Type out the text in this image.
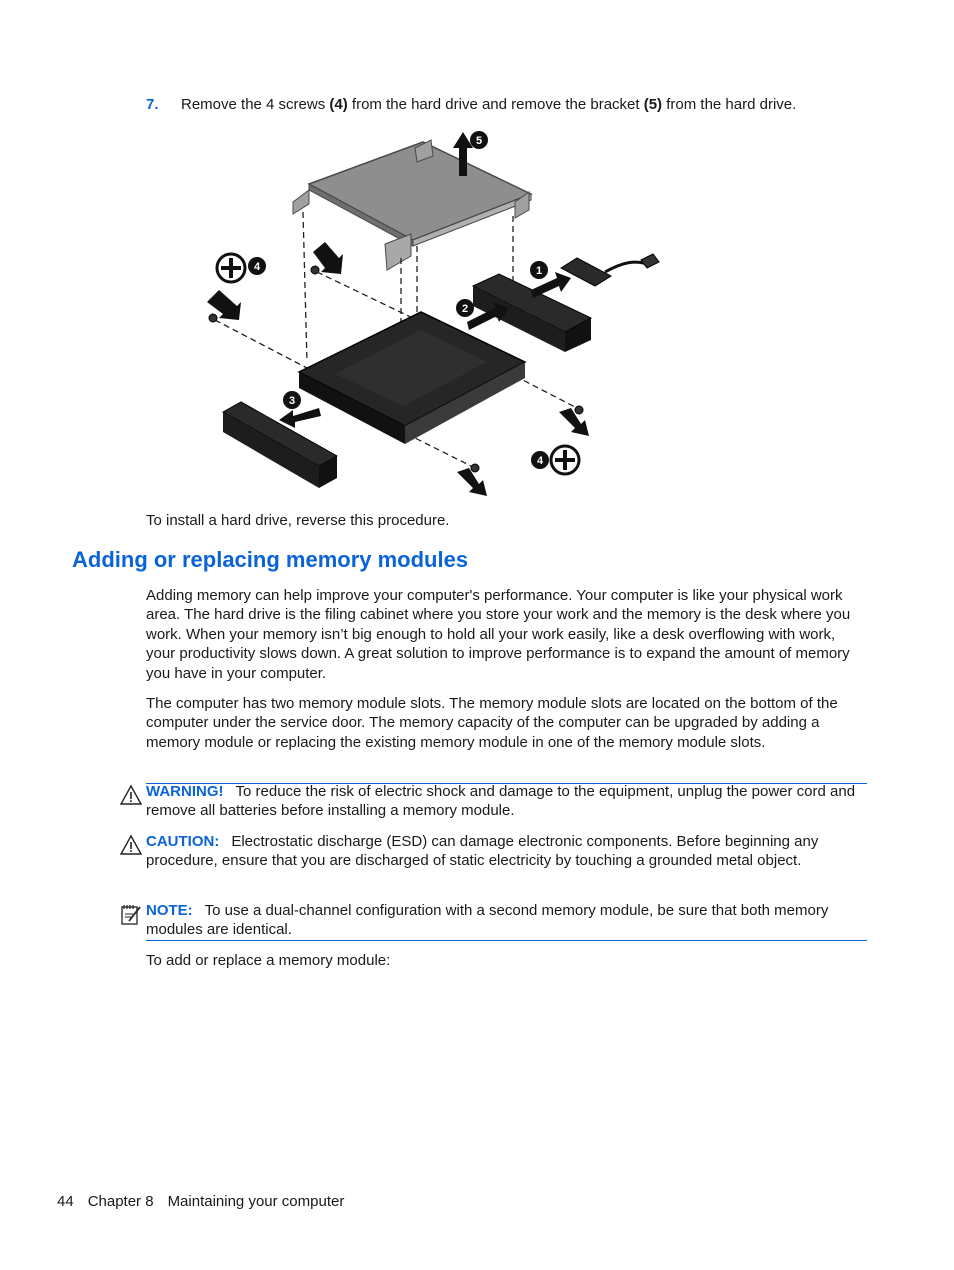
7. Remove the 4 screws (4) from the hard drive and remove the bracket (5) from the hard drive.
5
1
2
3
4
4
To install a hard drive, reverse this procedure.
Adding or replacing memory modules
Adding memory can help improve your computer's performance. Your computer is like your physical work area. The hard drive is the filing cabinet where you store your work and the memory is the desk where you work. When your memory isn’t big enough to hold all your work easily, like a desk overflowing with work, your productivity slows down. A great solution to improve performance is to expand the amount of memory you have in your computer.
The computer has two memory module slots. The memory module slots are located on the bottom of the computer under the service door. The memory capacity of the computer can be upgraded by adding a memory module or replacing the existing memory module in one of the memory module slots.
WARNING! To reduce the risk of electric shock and damage to the equipment, unplug the power cord and remove all batteries before installing a memory module.
CAUTION: Electrostatic discharge (ESD) can damage electronic components. Before beginning any procedure, ensure that you are discharged of static electricity by touching a grounded metal object.
NOTE: To use a dual-channel configuration with a second memory module, be sure that both memory modules are identical.
To add or replace a memory module:
44 Chapter 8 Maintaining your computer
